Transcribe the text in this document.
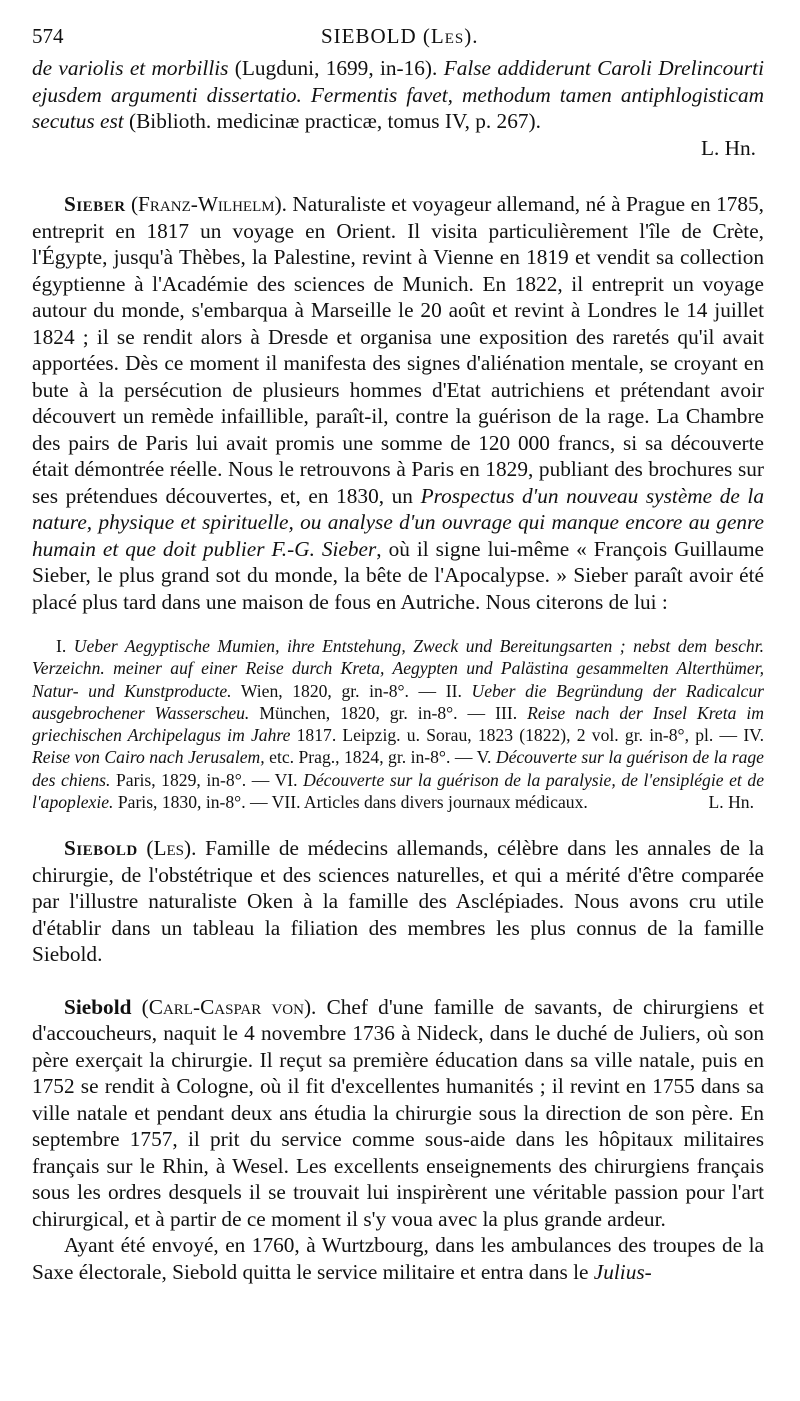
574	SIEBOLD (Les).

de variolis et morbillis (Lugduni, 1699, in-16). False addiderunt Caroli Drelincourti ejusdem argumenti dissertatio. Fermentis favet, methodum tamen antiphlogisticam secutus est (Biblioth. medicinæ practicæ, tomus IV, p. 267).

L. Hn.

Sieber (Franz-Wilhelm). Naturaliste et voyageur allemand, né à Prague en 1785, entreprit en 1817 un voyage en Orient. Il visita particulièrement l'île de Crète, l'Égypte, jusqu'à Thèbes, la Palestine, revint à Vienne en 1819 et vendit sa collection égyptienne à l'Académie des sciences de Munich. En 1822, il entreprit un voyage autour du monde, s'embarqua à Marseille le 20 août et revint à Londres le 14 juillet 1824 ; il se rendit alors à Dresde et organisa une exposition des raretés qu'il avait apportées. Dès ce moment il manifesta des signes d'aliénation mentale, se croyant en bute à la persécution de plusieurs hommes d'Etat autrichiens et prétendant avoir découvert un remède infaillible, paraît-il, contre la guérison de la rage. La Chambre des pairs de Paris lui avait promis une somme de 120 000 francs, si sa découverte était démontrée réelle. Nous le retrouvons à Paris en 1829, publiant des brochures sur ses prétendues découvertes, et, en 1830, un Prospectus d'un nouveau système de la nature, physique et spirituelle, ou analyse d'un ouvrage qui manque encore au genre humain et que doit publier F.-G. Sieber, où il signe lui-même « François Guillaume Sieber, le plus grand sot du monde, la bête de l'Apocalypse. » Sieber paraît avoir été placé plus tard dans une maison de fous en Autriche. Nous citerons de lui :

I. Ueber Aegyptische Mumien, ihre Entstehung, Zweck und Bereitungsarten ; nebst dem beschr. Verzeichn. meiner auf einer Reise durch Kreta, Aegypten und Palästina gesammelten Alterthümer, Natur- und Kunstproducte. Wien, 1820, gr. in-8°. — II. Ueber die Begründung der Radicalcur ausgebrochener Wasserscheu. München, 1820, gr. in-8°. — III. Reise nach der Insel Kreta im griechischen Archipelagus im Jahre 1817. Leipzig. u. Sorau, 1823 (1822), 2 vol. gr. in-8°, pl. — IV. Reise von Cairo nach Jerusalem, etc. Prag., 1824, gr. in-8°. — V. Découverte sur la guérison de la rage des chiens. Paris, 1829, in-8°. — VI. Découverte sur la guérison de la paralysie, de l'ensiplégie et de l'apoplexie. Paris, 1830, in-8°. — VII. Articles dans divers journaux médicaux.	L. Hn.

Siebold (Les). Famille de médecins allemands, célèbre dans les annales de la chirurgie, de l'obstétrique et des sciences naturelles, et qui a mérité d'être comparée par l'illustre naturaliste Oken à la famille des Asclépiades. Nous avons cru utile d'établir dans un tableau la filiation des membres les plus connus de la famille Siebold.

Siebold (Carl-Caspar von). Chef d'une famille de savants, de chirurgiens et d'accoucheurs, naquit le 4 novembre 1736 à Nideck, dans le duché de Juliers, où son père exerçait la chirurgie. Il reçut sa première éducation dans sa ville natale, puis en 1752 se rendit à Cologne, où il fit d'excellentes humanités ; il revint en 1755 dans sa ville natale et pendant deux ans étudia la chirurgie sous la direction de son père. En septembre 1757, il prit du service comme sous-aide dans les hôpitaux militaires français sur le Rhin, à Wesel. Les excellents enseignements des chirurgiens français sous les ordres desquels il se trouvait lui inspirèrent une véritable passion pour l'art chirurgical, et à partir de ce moment il s'y voua avec la plus grande ardeur.

Ayant été envoyé, en 1760, à Wurtzbourg, dans les ambulances des troupes de la Saxe électorale, Siebold quitta le service militaire et entra dans le Julius-
